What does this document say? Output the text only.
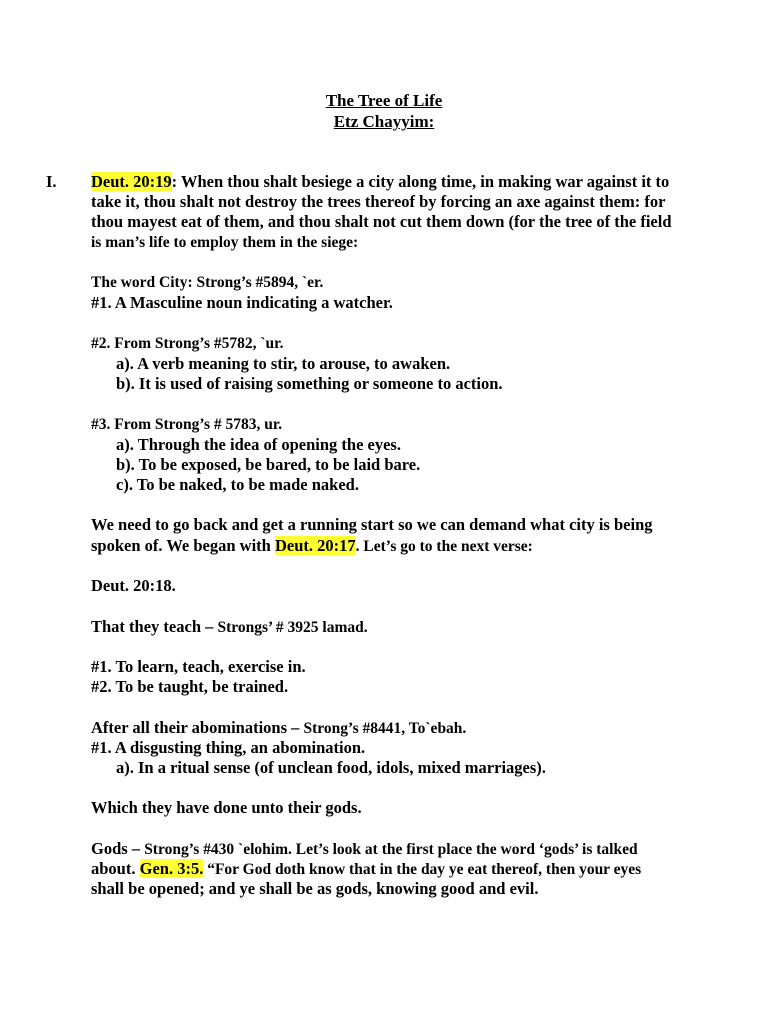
The Tree of Life
Etz Chayyim:
I. Deut. 20:19: When thou shalt besiege a city along time, in making war against it to
take it, thou shalt not destroy the trees thereof by forcing an axe against them: for
thou mayest eat of them, and thou shalt not cut them down (for the tree of the field
is man’s life to employ them in the siege:
The word City: Strong’s #5894, `er.
#1. A Masculine noun indicating a watcher.
#2. From Strong’s #5782, `ur.
a). A verb meaning to stir, to arouse, to awaken.
b). It is used of raising something or someone to action.
#3. From Strong’s # 5783, ur.
a). Through the idea of opening the eyes.
b). To be exposed, be bared, to be laid bare.
c). To be naked, to be made naked.
We need to go back and get a running start so we can demand what city is being
spoken of. We began with Deut. 20:17. Let’s go to the next verse:
Deut. 20:18.
That they teach – Strongs’ # 3925 lamad.
#1. To learn, teach, exercise in.
#2. To be taught, be trained.
After all their abominations – Strong’s #8441, To`ebah.
#1. A disgusting thing, an abomination.
a). In a ritual sense (of unclean food, idols, mixed marriages).
Which they have done unto their gods.
Gods – Strong’s #430 `elohim. Let’s look at the first place the word ‘gods’ is talked
about. Gen. 3:5. “For God doth know that in the day ye eat thereof, then your eyes
shall be opened; and ye shall be as gods, knowing good and evil.
